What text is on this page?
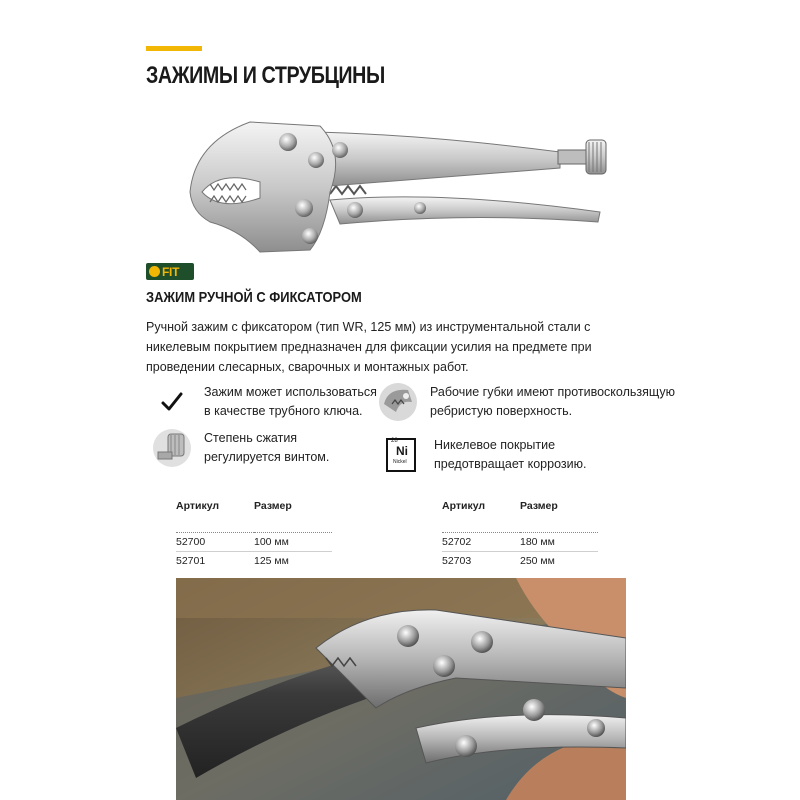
ЗАЖИМЫ И СТРУБЦИНЫ
FIT
ЗАЖИМ РУЧНОЙ С ФИКСАТОРОМ

Ручной зажим с фиксатором (тип WR, 125 мм) из инструментальной стали с никелевым покрытием предназначен для фиксации усилия на предмете при проведении слесарных, сварочных и монтажных работ.

Зажим может использоваться
в качестве трубного ключа.
Рабочие губки имеют противоскользящую
ребристую поверхность.
Степень сжатия
регулируется винтом.
Никелевое покрытие
предотвращает коррозию.
28
Ni
Nickel
Артикул	Размер

52700	100 мм
52701	125 мм
Артикул	Размер

52702	180 мм
52703	250 мм
